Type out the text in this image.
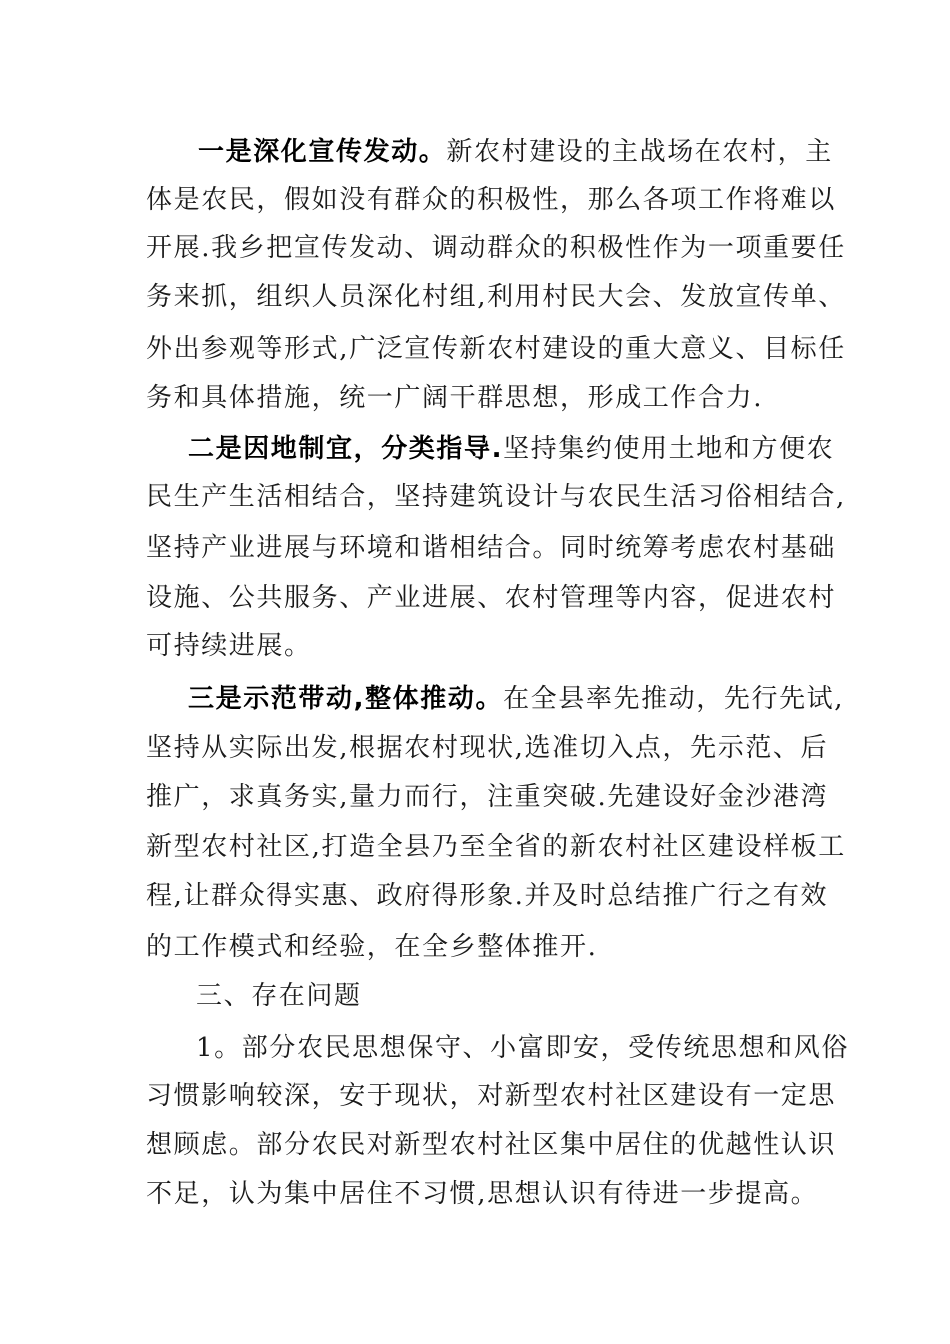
一是深化宣传发动。新农村建设的主战场在农村，主
体是农民，假如没有群众的积极性，那么各项工作将难以
开展.我乡把宣传发动、调动群众的积极性作为一项重要任
务来抓，组织人员深化村组,利用村民大会、发放宣传单、
外出参观等形式,广泛宣传新农村建设的重大意义、目标任
务和具体措施，统一广阔干群思想，形成工作合力.
二是因地制宜，分类指导.坚持集约使用土地和方便农
民生产生活相结合，坚持建筑设计与农民生活习俗相结合,
坚持产业进展与环境和谐相结合。同时统筹考虑农村基础
设施、公共服务、产业进展、农村管理等内容，促进农村
可持续进展。
三是示范带动,整体推动。在全县率先推动，先行先试,
坚持从实际出发,根据农村现状,选准切入点，先示范、后
推广，求真务实,量力而行，注重突破.先建设好金沙港湾
新型农村社区,打造全县乃至全省的新农村社区建设样板工
程,让群众得实惠、政府得形象.并及时总结推广行之有效
的工作模式和经验，在全乡整体推开.
三、存在问题
1。部分农民思想保守、小富即安，受传统思想和风俗
习惯影响较深，安于现状，对新型农村社区建设有一定思
想顾虑。部分农民对新型农村社区集中居住的优越性认识
不足，认为集中居住不习惯,思想认识有待进一步提高。
